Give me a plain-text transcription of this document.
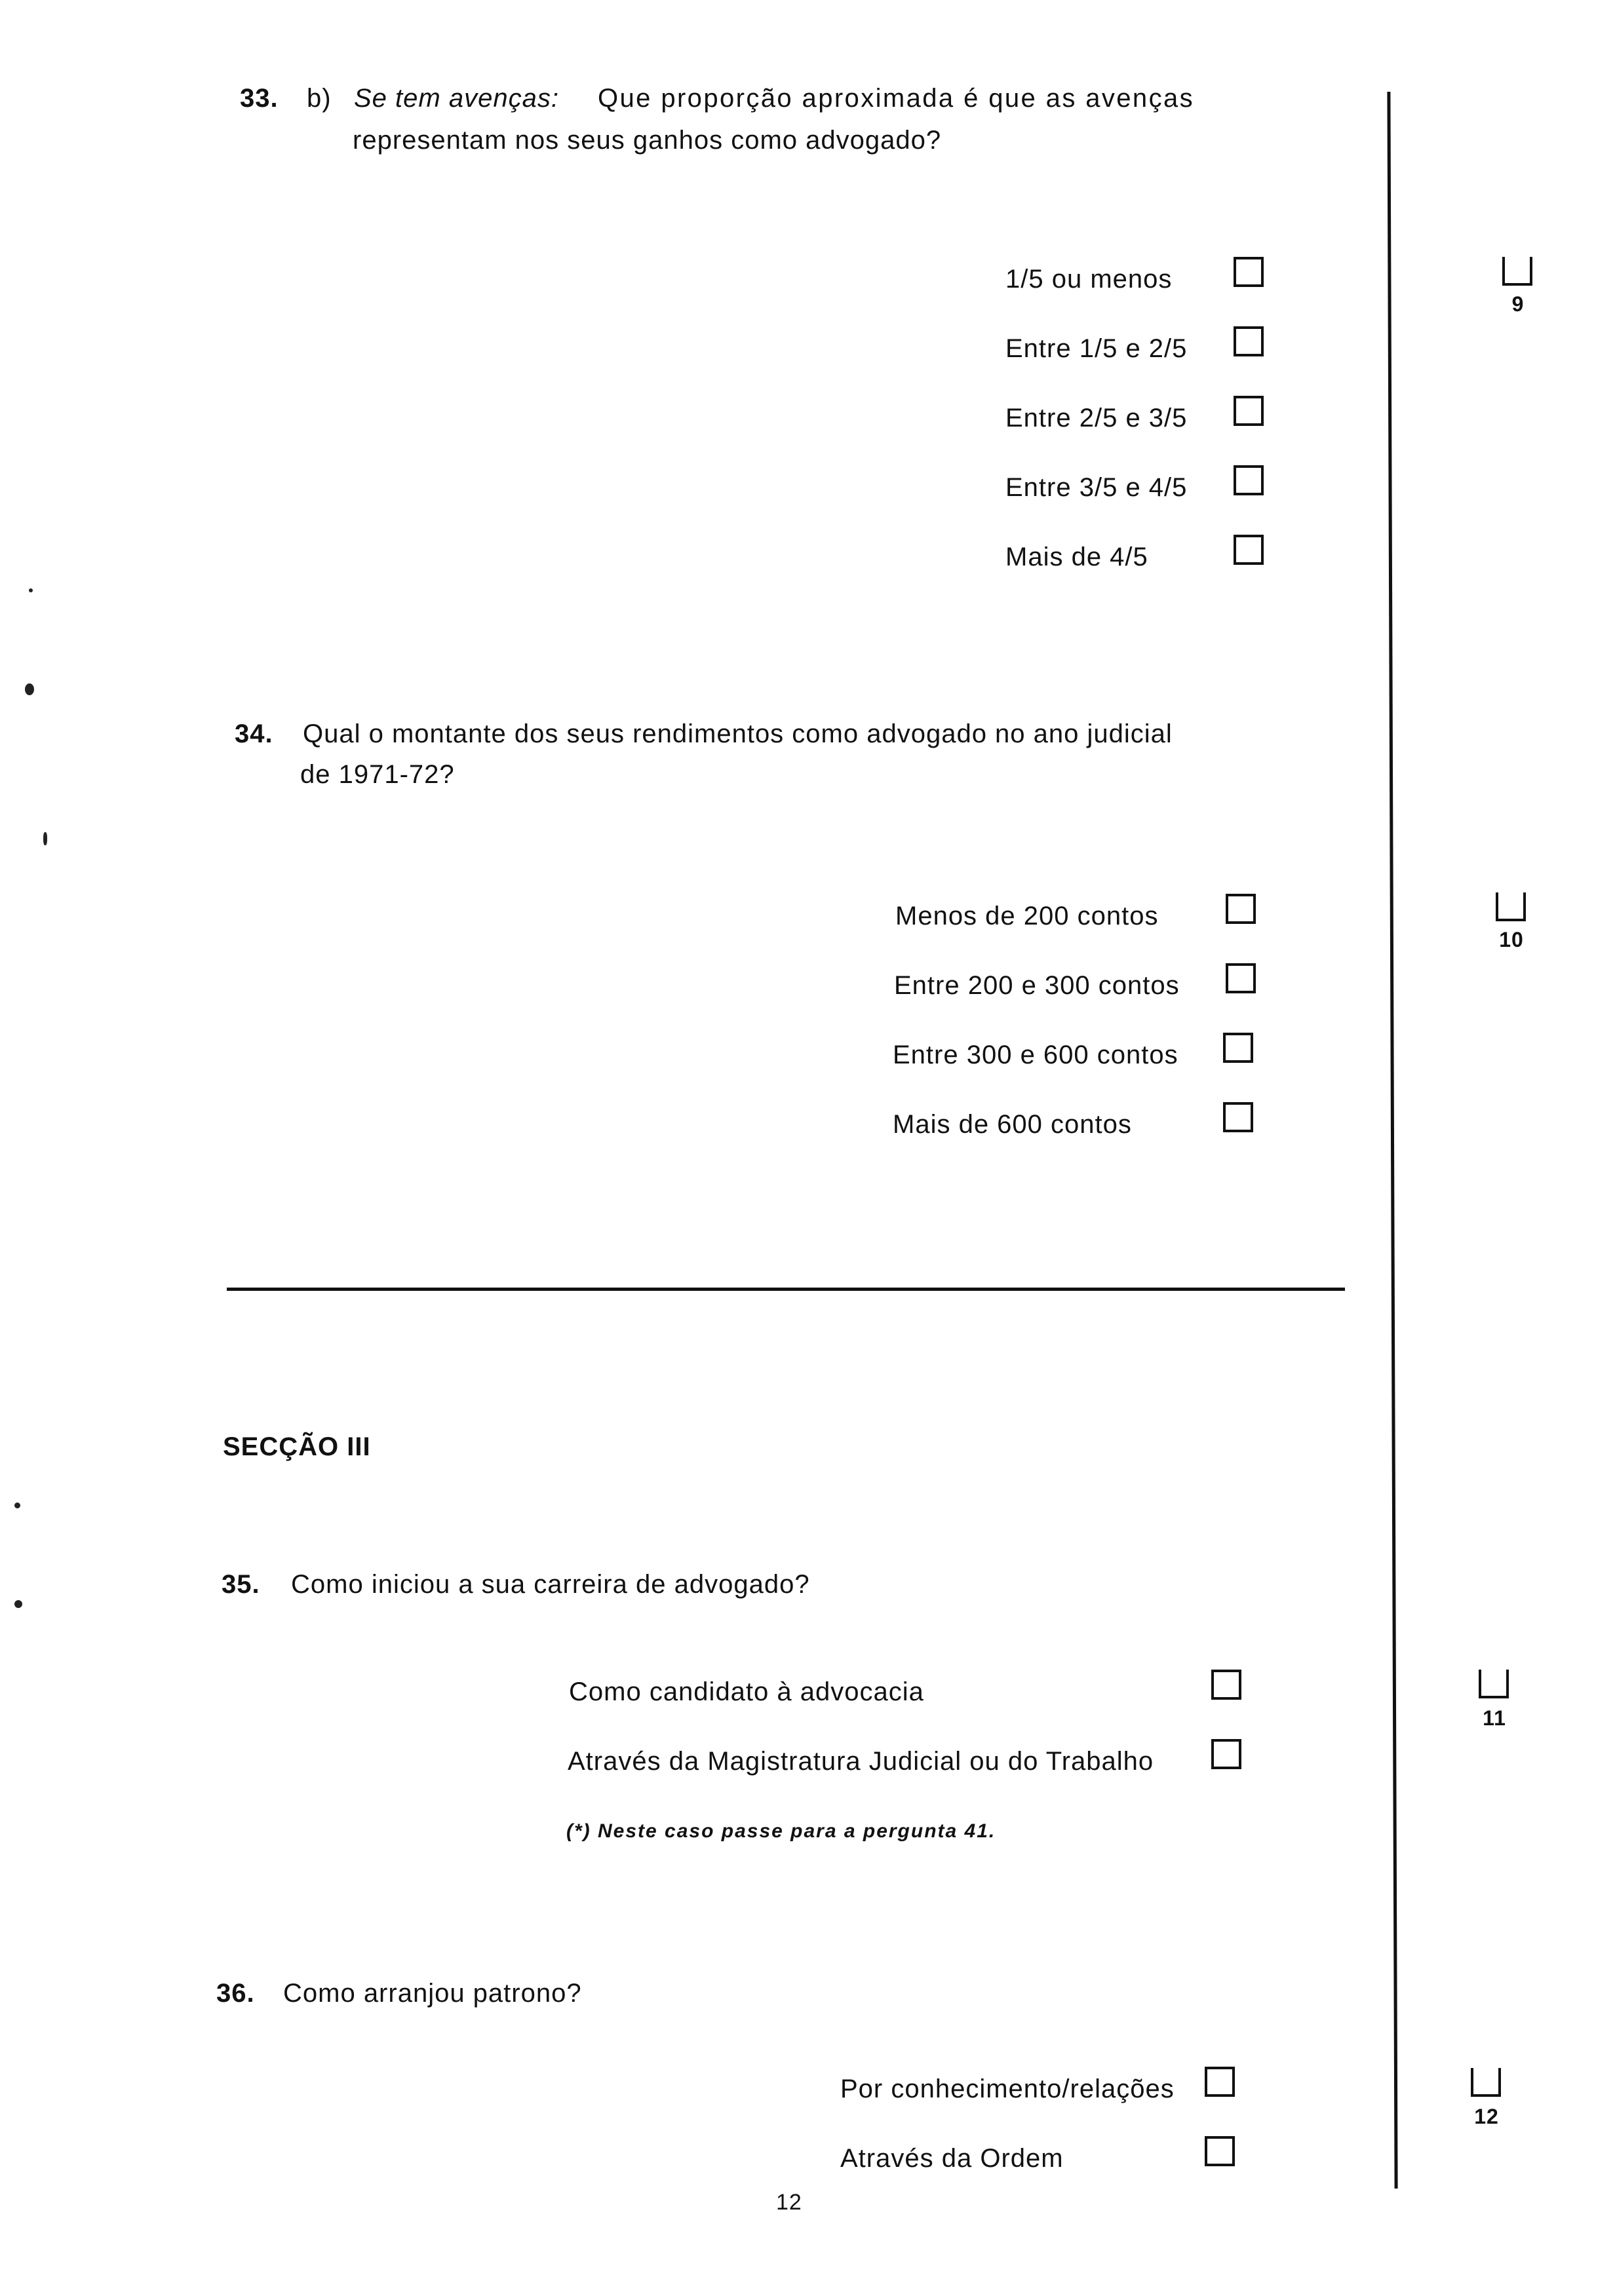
33. b) Se tem avenças: Que proporção aproximada é que as avenças
representam nos seus ganhos como advogado?
1/5 ou menos
Entre 1/5 e 2/5
Entre 2/5 e 3/5
Entre 3/5 e 4/5
Mais de 4/5
9
34. Qual o montante dos seus rendimentos como advogado no ano judicial
de 1971-72?
Menos de 200 contos
Entre 200 e 300 contos
Entre 300 e 600 contos
Mais de 600 contos
10
SECÇÃO III
35. Como iniciou a sua carreira de advogado?
Como candidato à advocacia
Através da Magistratura Judicial ou do Trabalho
(*) Neste caso passe para a pergunta 41.
11
36. Como arranjou patrono?
Por conhecimento/relações
Através da Ordem
12
12
